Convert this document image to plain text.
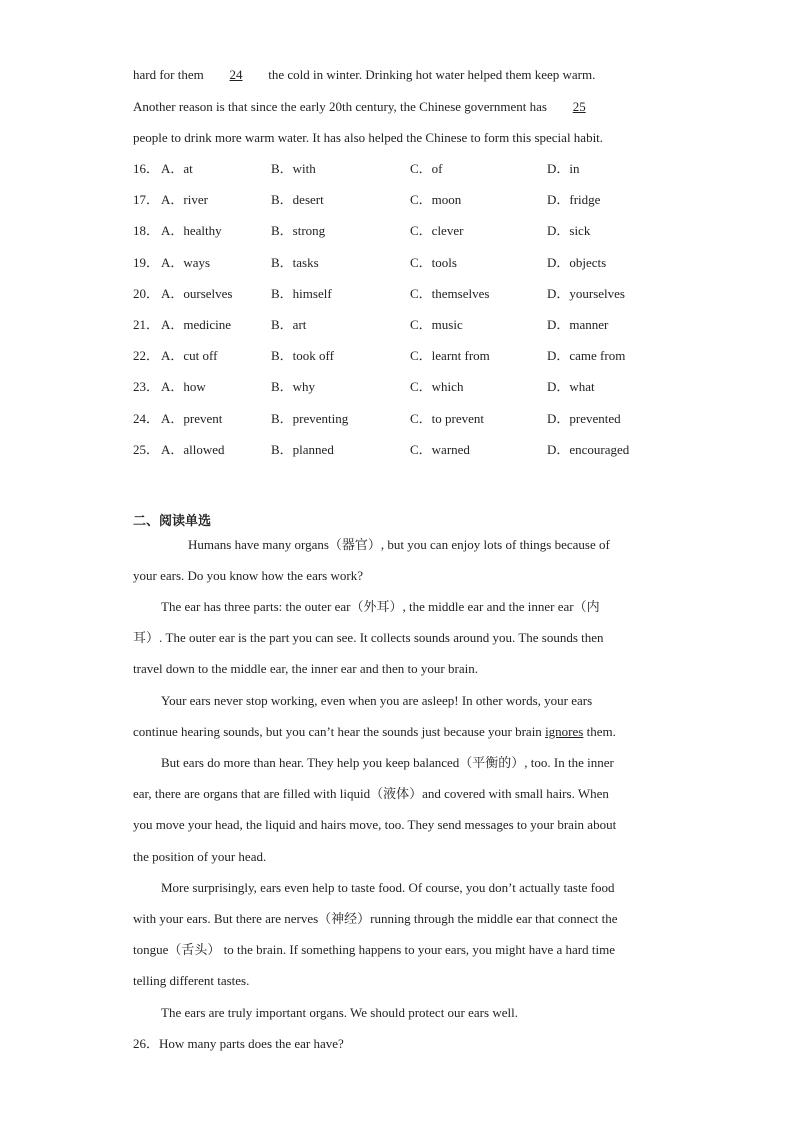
hard for them 24 the cold in winter. Drinking hot water helped them keep warm.
Another reason is that since the early 20th century, the Chinese government has 25
people to drink more warm water. It has also helped the Chinese to form this special habit.
16． A．at	B．with	C．of	D．in
17． A．river	B．desert	C．moon	D．fridge
18． A．healthy	B．strong	C．clever	D．sick
19． A．ways	B．tasks	C．tools	D．objects
20． A．ourselves	B．himself	C．themselves	D．yourselves
21． A．medicine	B．art	C．music	D．manner
22． A．cut off	B．took off	C．learnt from	D．came from
23． A．how	B．why	C．which	D．what
24． A．prevent	B．preventing	C．to prevent	D．prevented
25． A．allowed	B．planned	C．warned	D．encouraged
二、阅读单选
Humans have many organs（器官）, but you can enjoy lots of things because of
your ears. Do you know how the ears work?
The ear has three parts: the outer ear（外耳）, the middle ear and the inner ear（内
耳）. The outer ear is the part you can see. It collects sounds around you. The sounds then
travel down to the middle ear, the inner ear and then to your brain.
Your ears never stop working, even when you are asleep! In other words, your ears
continue hearing sounds, but you can’t hear the sounds just because your brain ignores them.
But ears do more than hear. They help you keep balanced（平衡的）, too. In the inner
ear, there are organs that are filled with liquid（液体）and covered with small hairs. When
you move your head, the liquid and hairs move, too. They send messages to your brain about
the position of your head.
More surprisingly, ears even help to taste food. Of course, you don’t actually taste food
with your ears. But there are nerves（神经）running through the middle ear that connect the
tongue（舌头） to the brain. If something happens to your ears, you might have a hard time
telling different tastes.
The ears are truly important organs. We should protect our ears well.
26．How many parts does the ear have?
